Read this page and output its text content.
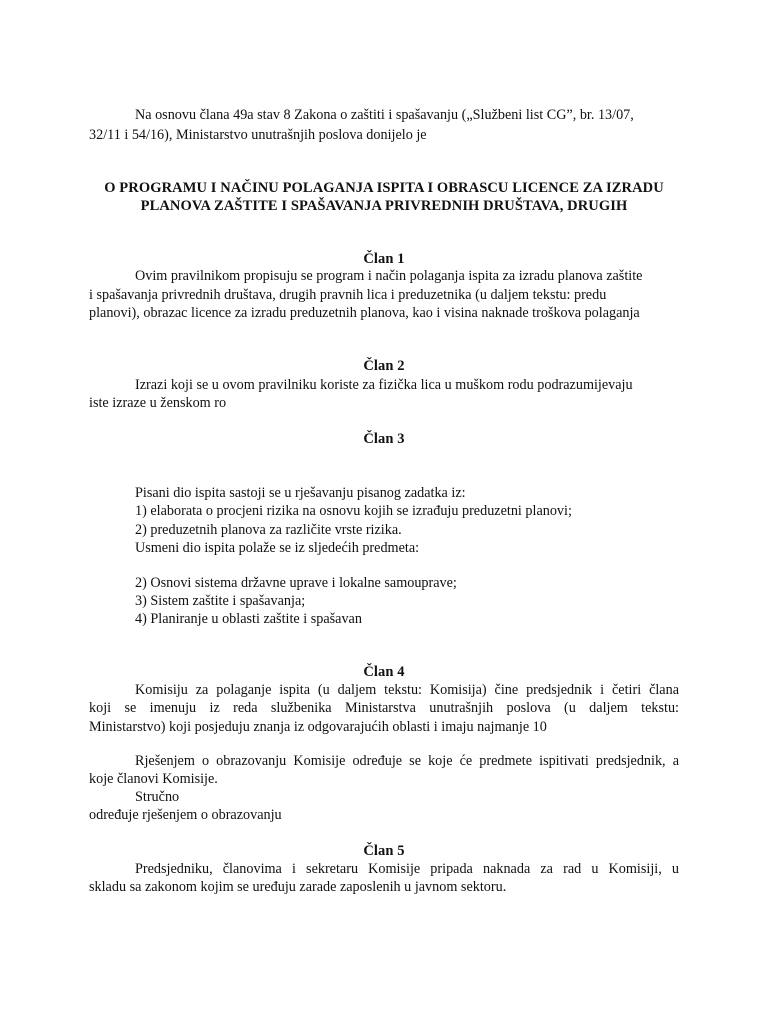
Na osnovu člana 49a stav 8 Zakona o zaštiti i spašavanju („Službeni list CG”, br. 13/07,
32/11 i 54/16), Ministarstvo unutrašnjih poslova donijelo je
O PROGRAMU I NAČINU POLAGANJA ISPITA I OBRASCU LICENCE ZA IZRADU
PLANOVA ZAŠTITE I SPAŠAVANJA PRIVREDNIH DRUŠTAVA, DRUGIH
Član 1
Ovim pravilnikom propisuju se program i način polaganja ispita za izradu planova zaštite
i spašavanja privrednih društava, drugih pravnih lica i preduzetnika (u daljem tekstu: predu
planovi), obrazac licence za izradu preduzetnih planova, kao i visina naknade troškova polaganja
Član 2
Izrazi koji se u ovom pravilniku koriste za fizička lica u muškom rodu podrazumijevaju
iste izraze u ženskom ro
Član 3
Pisani dio ispita sastoji se u rješavanju pisanog zadatka iz:
1) elaborata o procjeni rizika na osnovu kojih se izrađuju preduzetni planovi;
2) preduzetnih planova za različite vrste rizika.
Usmeni dio ispita polaže se iz sljedećih predmeta:
2) Osnovi sistema državne uprave i lokalne samouprave;
3) Sistem zaštite i spašavanja;
4) Planiranje u oblasti zaštite i spašavan
Član 4
Komisiju za polaganje ispita (u daljem tekstu: Komisija) čine predsjednik i četiri člana
koji se imenuju iz reda službenika Ministarstva unutrašnjih poslova (u daljem tekstu:
Ministarstvo) koji posjeduju znanja iz odgovarajućih oblasti i imaju najmanje 10
Rješenjem o obrazovanju Komisije određuje se koje će predmete ispitivati predsjednik, a
koje članovi Komisije.
Stručno
određuje rješenjem o obrazovanju
Član 5
Predsjedniku, članovima i sekretaru Komisije pripada naknada za rad u Komisiji, u
skladu sa zakonom kojim se uređuju zarade zaposlenih u javnom sektoru.
